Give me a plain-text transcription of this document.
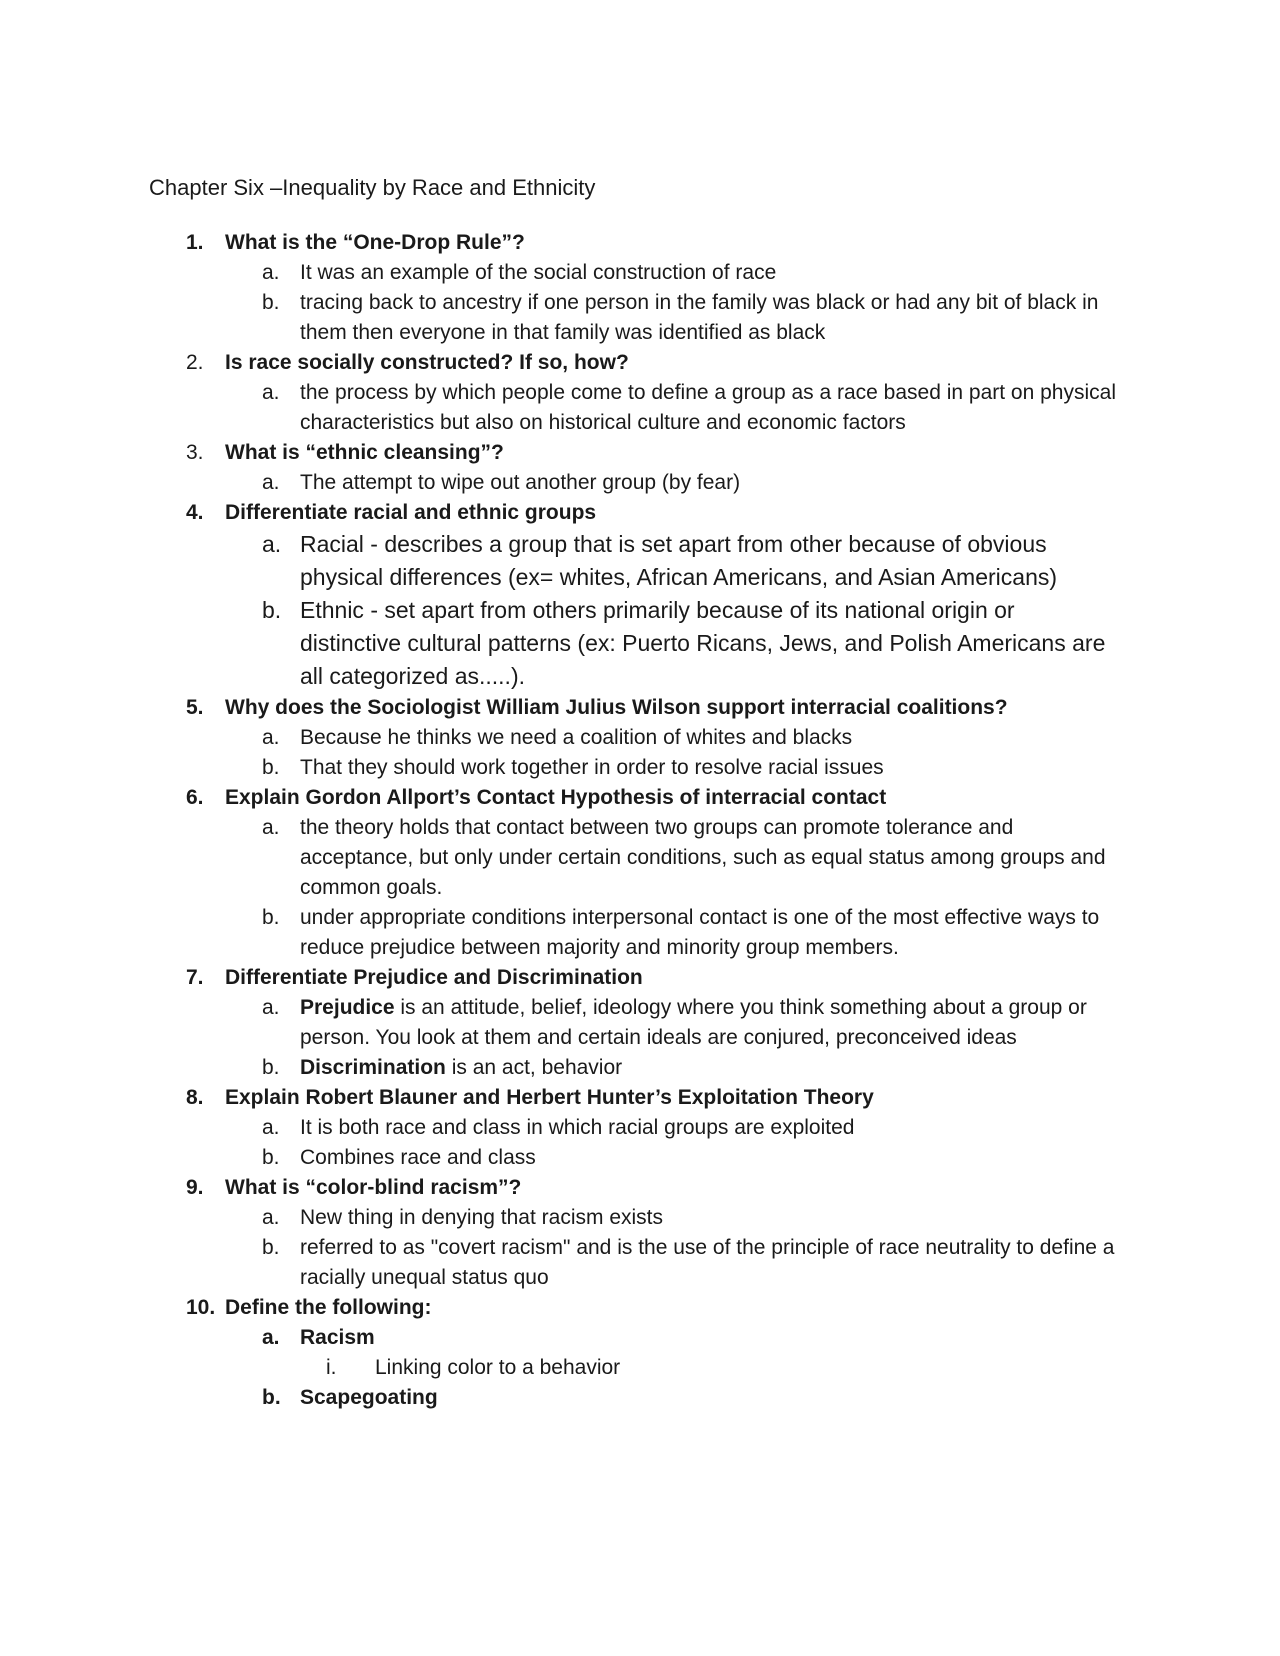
Chapter Six –Inequality by Race and Ethnicity
1. What is the “One-Drop Rule”?
a. It was an example of the social construction of race
b. tracing back to ancestry if one person in the family was black or had any bit of black in them then everyone in that family was identified as black
2. Is race socially constructed? If so, how?
a. the process by which people come to define a group as a race based in part on physical characteristics but also on historical culture and economic factors
3. What is “ethnic cleansing”?
a. The attempt to wipe out another group (by fear)
4. Differentiate racial and ethnic groups
a. Racial - describes a group that is set apart from other because of obvious physical differences (ex= whites, African Americans, and Asian Americans)
b. Ethnic - set apart from others primarily because of its national origin or distinctive cultural patterns (ex: Puerto Ricans, Jews, and Polish Americans are all categorized as.....).
5. Why does the Sociologist William Julius Wilson support interracial coalitions?
a. Because he thinks we need a coalition of whites and blacks
b. That they should work together in order to resolve racial issues
6. Explain Gordon Allport’s Contact Hypothesis of interracial contact
a. the theory holds that contact between two groups can promote tolerance and acceptance, but only under certain conditions, such as equal status among groups and common goals.
b. under appropriate conditions interpersonal contact is one of the most effective ways to reduce prejudice between majority and minority group members.
7. Differentiate Prejudice and Discrimination
a. Prejudice is an attitude, belief, ideology where you think something about a group or person. You look at them and certain ideals are conjured, preconceived ideas
b. Discrimination is an act, behavior
8. Explain Robert Blauner and Herbert Hunter’s Exploitation Theory
a. It is both race and class in which racial groups are exploited
b. Combines race and class
9. What is “color-blind racism”?
a. New thing in denying that racism exists
b. referred to as "covert racism" and is the use of the principle of race neutrality to define a racially unequal status quo
10. Define the following:
a. Racism
i. Linking color to a behavior
b. Scapegoating
